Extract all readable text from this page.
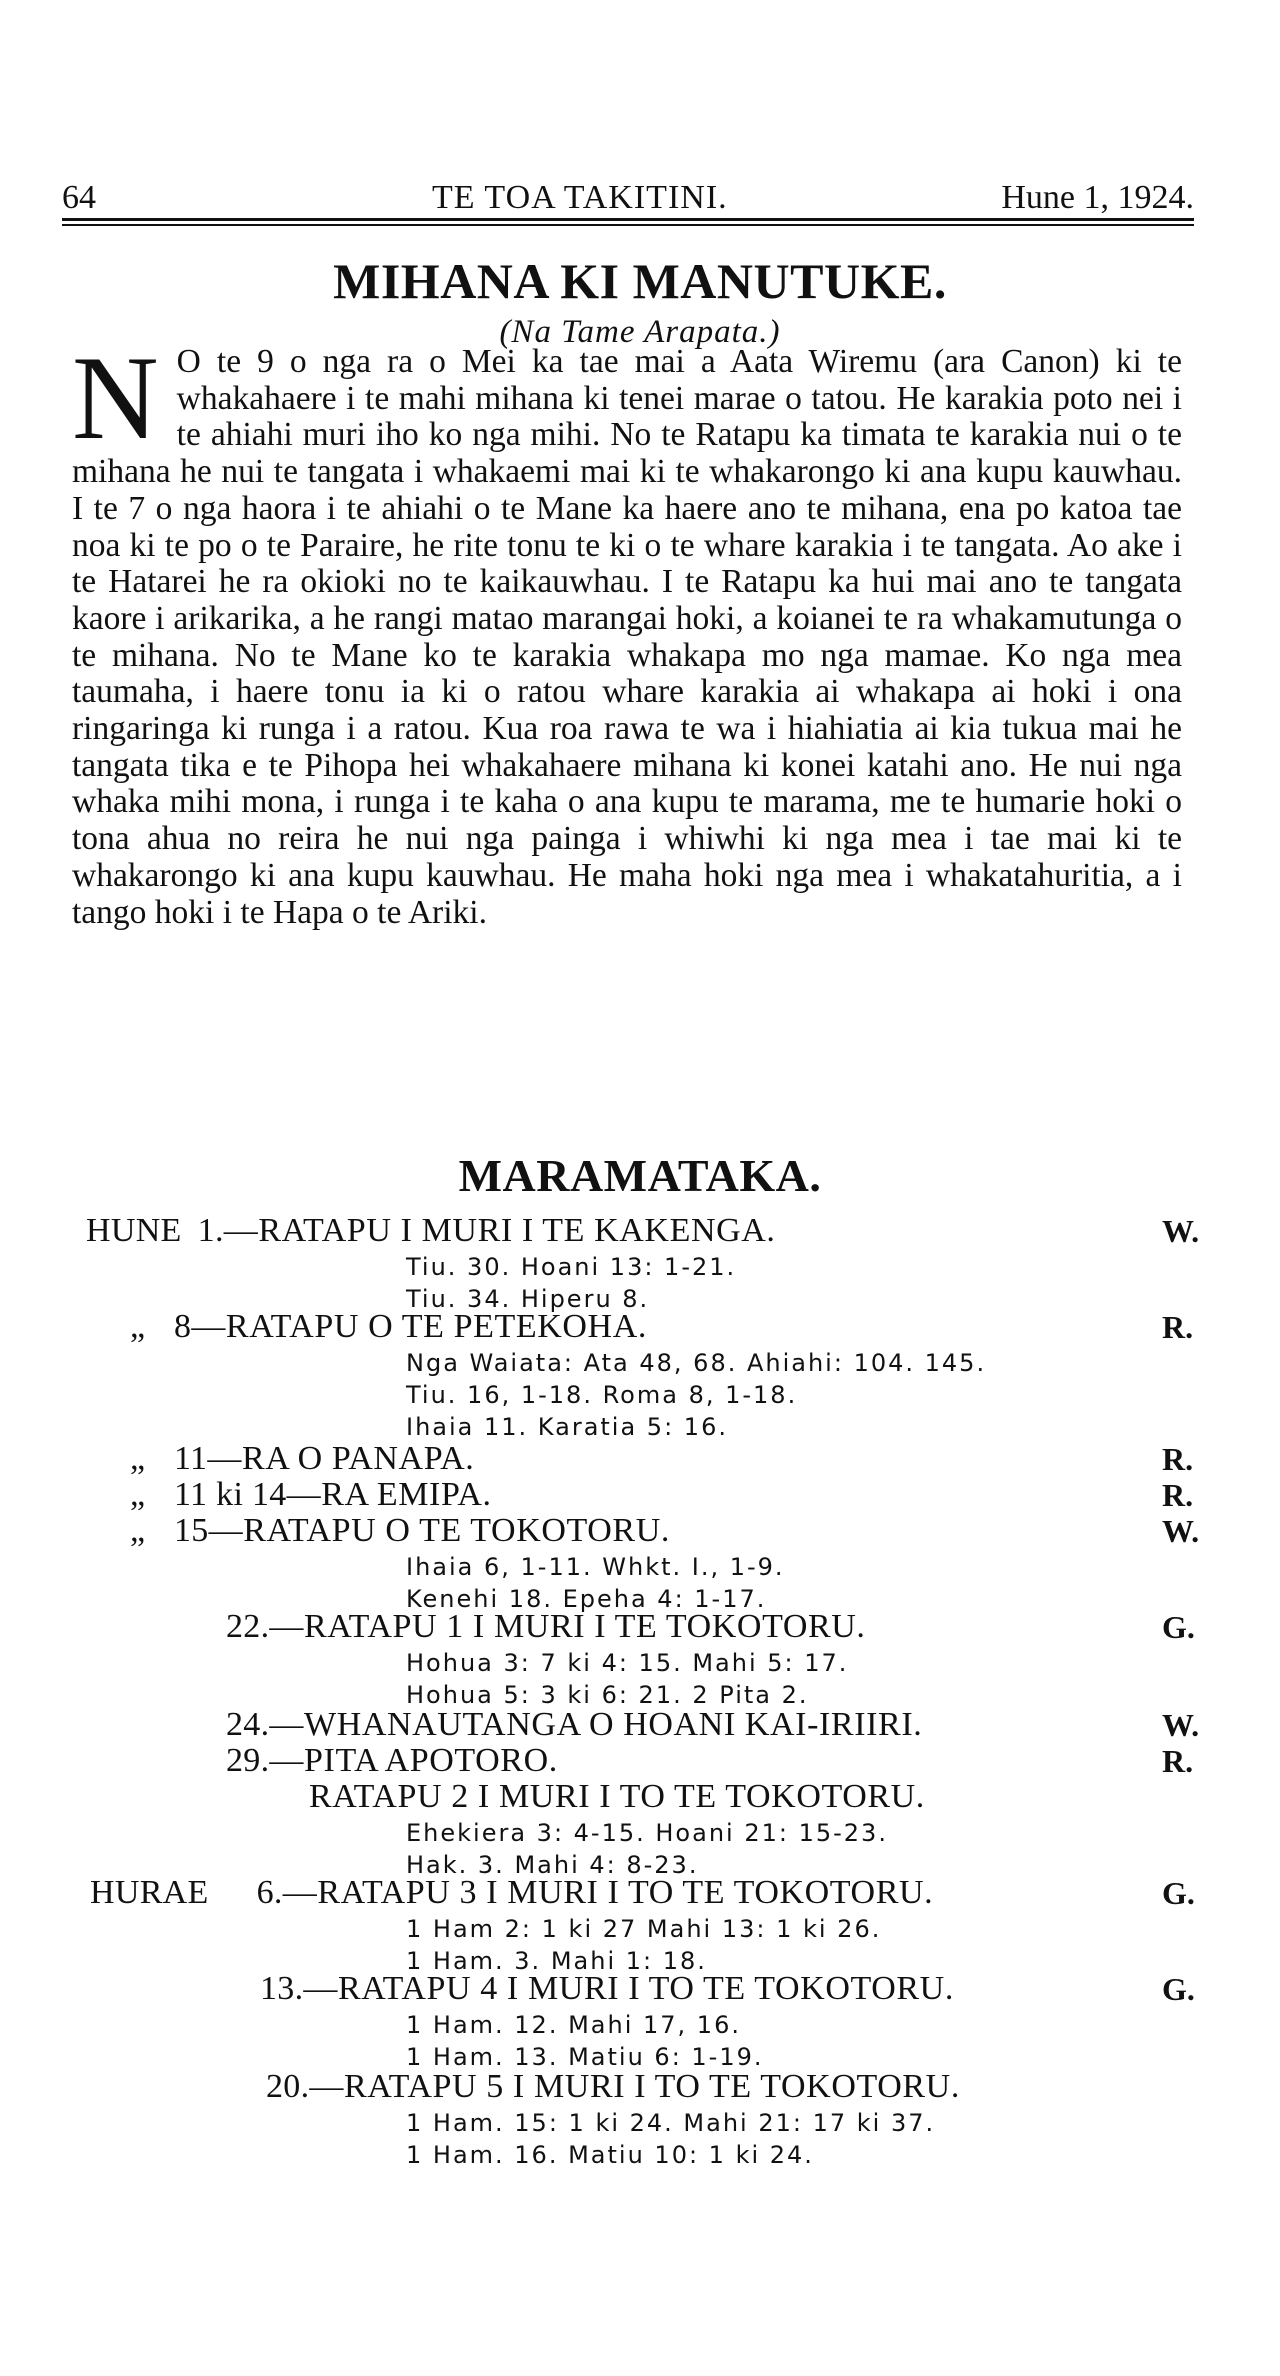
64	TE TOA TAKITINI.	Hune 1, 1924.
MIHANA KI MANUTUKE.
(Na Tame Arapata.)
N O te 9 o nga ra o Mei ka tae mai a Aata Wiremu (ara Canon) ki te whakahaere i te mahi mihana ki tenei marae o tatou. He karakia poto nei i te ahiahi muri iho ko nga mihi. No te Ratapu ka timata te karakia nui o te mihana he nui te tangata i whakaemi mai ki te whakarongo ki ana kupu kauwhau. I te 7 o nga haora i te ahiahi o te Mane ka haere ano te mihana, ena po katoa tae noa ki te po o te Paraire, he rite tonu te ki o te whare karakia i te tangata. Ao ake i te Hatarei he ra okioki no te kaikauwhau. I te Ratapu ka hui mai ano te tangata kaore i arikarika, a he rangi matao marangai hoki, a koianei te ra whakamutunga o te mihana. No te Mane ko te karakia whakapa mo nga mamae. Ko nga mea taumaha, i haere tonu ia ki o ratou whare karakia ai whakapa ai hoki i ona ringaringa ki runga i a ratou. Kua roa rawa te wa i hiahiatia ai kia tukua mai he tangata tika e te Pihopa hei whakahaere mihana ki konei katahi ano. He nui nga whaka mihi mona, i runga i te kaha o ana kupu te marama, me te humarie hoki o tona ahua no reira he nui nga painga i whiwhi ki nga mea i tae mai ki te whakarongo ki ana kupu kauwhau. He maha hoki nga mea i whakatahuritia, a i tango hoki i te Hapa o te Ariki.
MARAMATAKA.
HUNE 1. —RATAPU I MURI I TE KAKENGA.	W.
Tiu. 30. Hoani 13: 1-21.
Tiu. 34. Hiperu 8.
„ 8 —RATAPU O TE PETEKOHA.	R.
Nga Waiata: Ata 48, 68. Ahiahi: 104. 145.
Tiu. 16, 1-18. Roma 8, 1-18.
Ihaia 11. Karatia 5: 16.
„ 11 —RA O PANAPA.	R.
„ 11 ki 14 —RA EMIPA.	R.
„ 15 —RATAPU O TE TOKOTORU.	W.
Ihaia 6, 1-11. Whkt. I., 1-9.
Kenehi 18. Epeha 4: 1-17.
22. —RATAPU 1 I MURI I TE TOKOTORU.	G.
Hohua 3: 7 ki 4: 15. Mahi 5: 17.
Hohua 5: 3 ki 6: 21. 2 Pita 2.
24. —WHANAUTANGA O HOANI KAI-IRIIRI.	W.
29. —PITA APOTORO.	R.
RATAPU 2 I MURI I TO TE TOKOTORU.
Ehekiera 3: 4-15. Hoani 21: 15-23.
Hak. 3. Mahi 4: 8-23.
HURAE 6. —RATAPU 3 I MURI I TO TE TOKOTORU.	G.
1 Ham 2: 1 ki 27 Mahi 13: 1 ki 26.
1 Ham. 3. Mahi 1: 18.
13. —RATAPU 4 I MURI I TO TE TOKOTORU.	G.
1 Ham. 12. Mahi 17, 16.
1 Ham. 13. Matiu 6: 1-19.
20. —RATAPU 5 I MURI I TO TE TOKOTORU.
1 Ham. 15: 1 ki 24. Mahi 21: 17 ki 37.
1 Ham. 16. Matiu 10: 1 ki 24.
